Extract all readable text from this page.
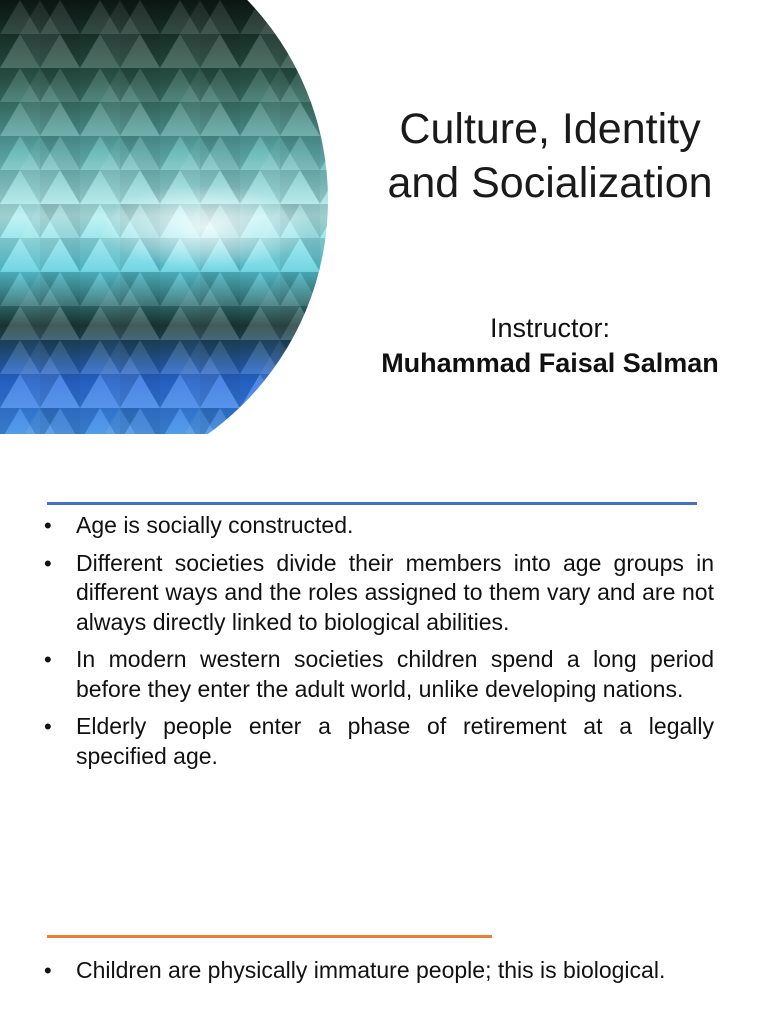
Culture, Identity
and Socialization
Instructor:
Muhammad Faisal Salman
• Age is socially constructed.
• Different societies divide their members into age groups in different ways and the roles assigned to them vary and are not always directly linked to biological abilities.
• In modern western societies children spend a long period before they enter the adult world, unlike developing nations.
• Elderly people enter a phase of retirement at a legally specified age.
• Children are physically immature people; this is biological.
